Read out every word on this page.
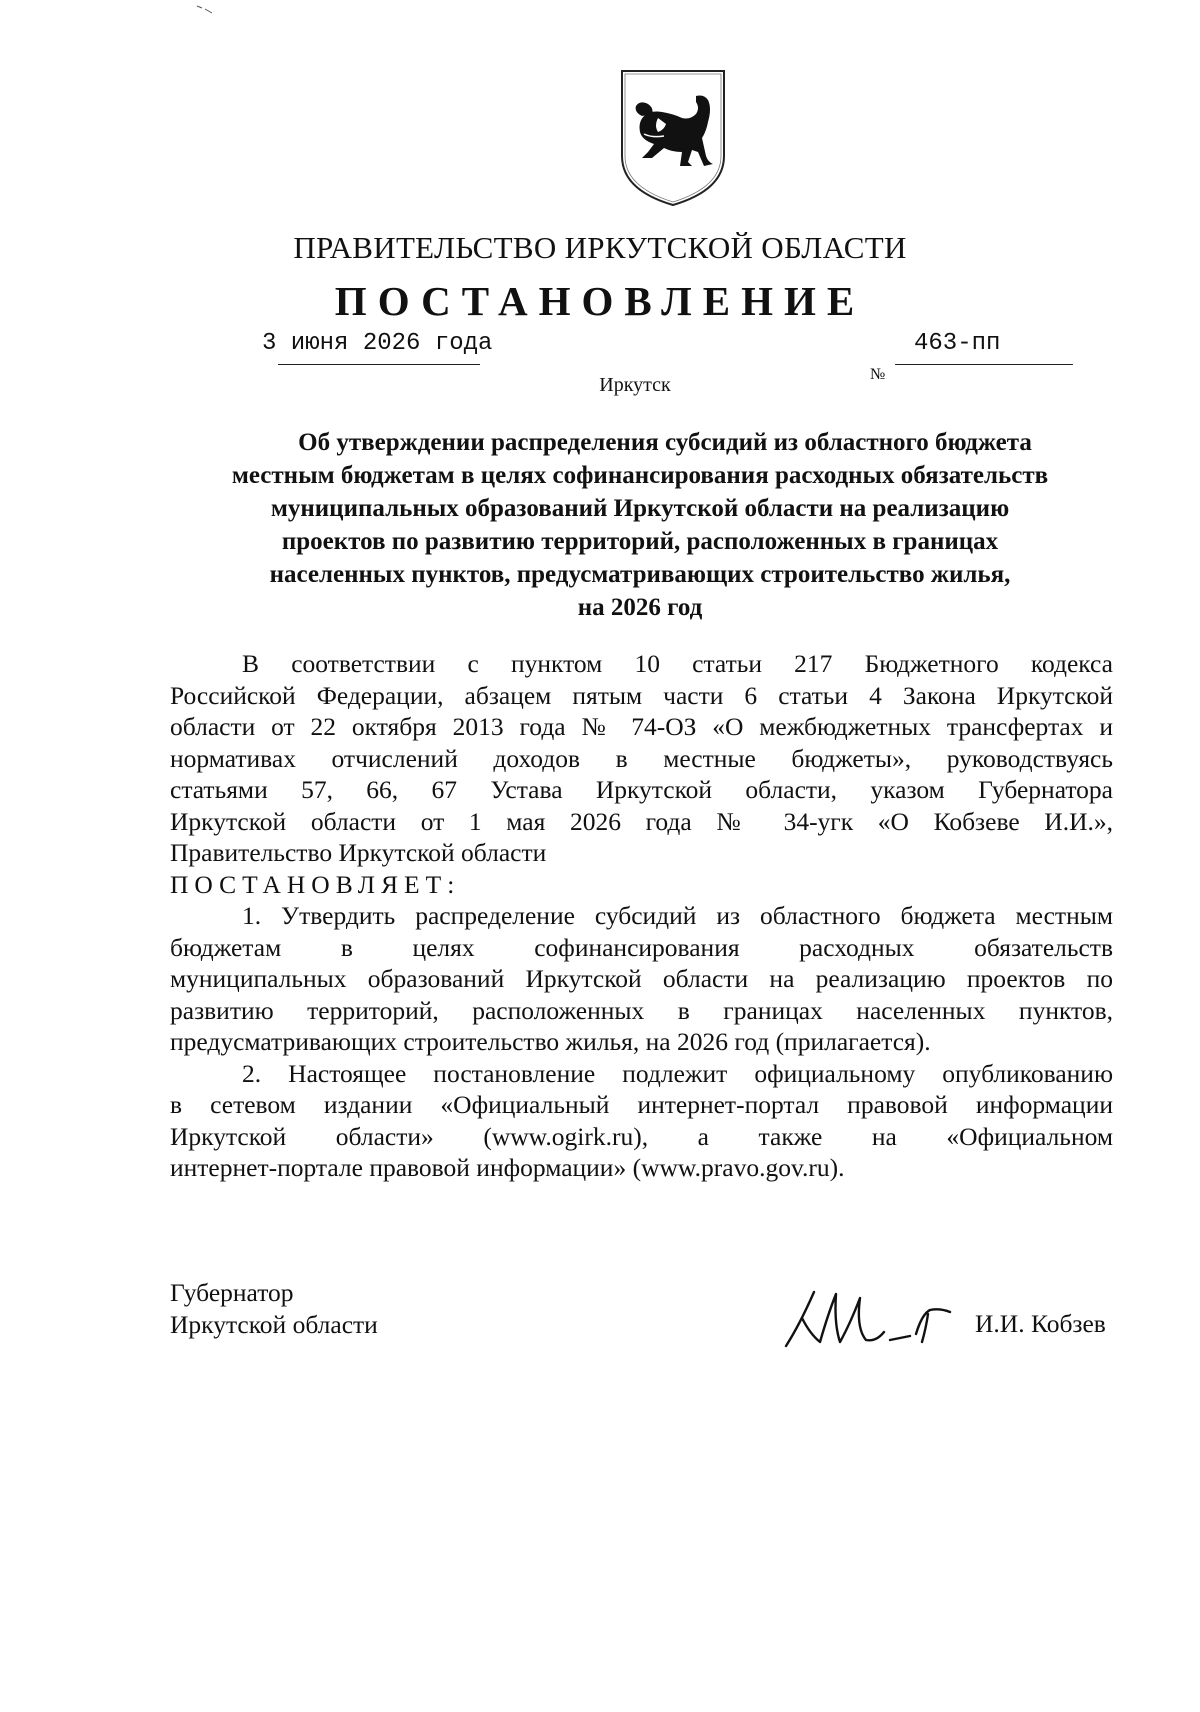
ПРАВИТЕЛЬСТВО ИРКУТСКОЙ ОБЛАСТИ
ПОСТАНОВЛЕНИЕ
3 июня 2026 года
№
463-пп
Иркутск
Об утверждении распределения субсидий из областного бюджета
местным бюджетам в целях софинансирования расходных обязательств
муниципальных образований Иркутской области на реализацию
проектов по развитию территорий, расположенных в границах
населенных пунктов, предусматривающих строительство жилья,
на 2026 год
В соответствии с пунктом 10 статьи 217 Бюджетного кодекса
Российской Федерации, абзацем пятым части 6 статьи 4 Закона Иркутской
области от 22 октября 2013 года № 74-ОЗ «О межбюджетных трансфертах и
нормативах отчислений доходов в местные бюджеты», руководствуясь
статьями 57, 66, 67 Устава Иркутской области, указом Губернатора
Иркутской области от 1 мая 2026 года № 34-угк «О Кобзеве И.И.»,
Правительство Иркутской области
ПОСТАНОВЛЯЕТ:
1. Утвердить распределение субсидий из областного бюджета местным
бюджетам в целях софинансирования расходных обязательств
муниципальных образований Иркутской области на реализацию проектов по
развитию территорий, расположенных в границах населенных пунктов,
предусматривающих строительство жилья, на 2026 год (прилагается).
2. Настоящее постановление подлежит официальному опубликованию
в сетевом издании «Официальный интернет-портал правовой информации
Иркутской области» (www.ogirk.ru), а также на «Официальном
интернет-портале правовой информации» (www.pravo.gov.ru).
Губернатор
Иркутской области	И.И. Кобзев
